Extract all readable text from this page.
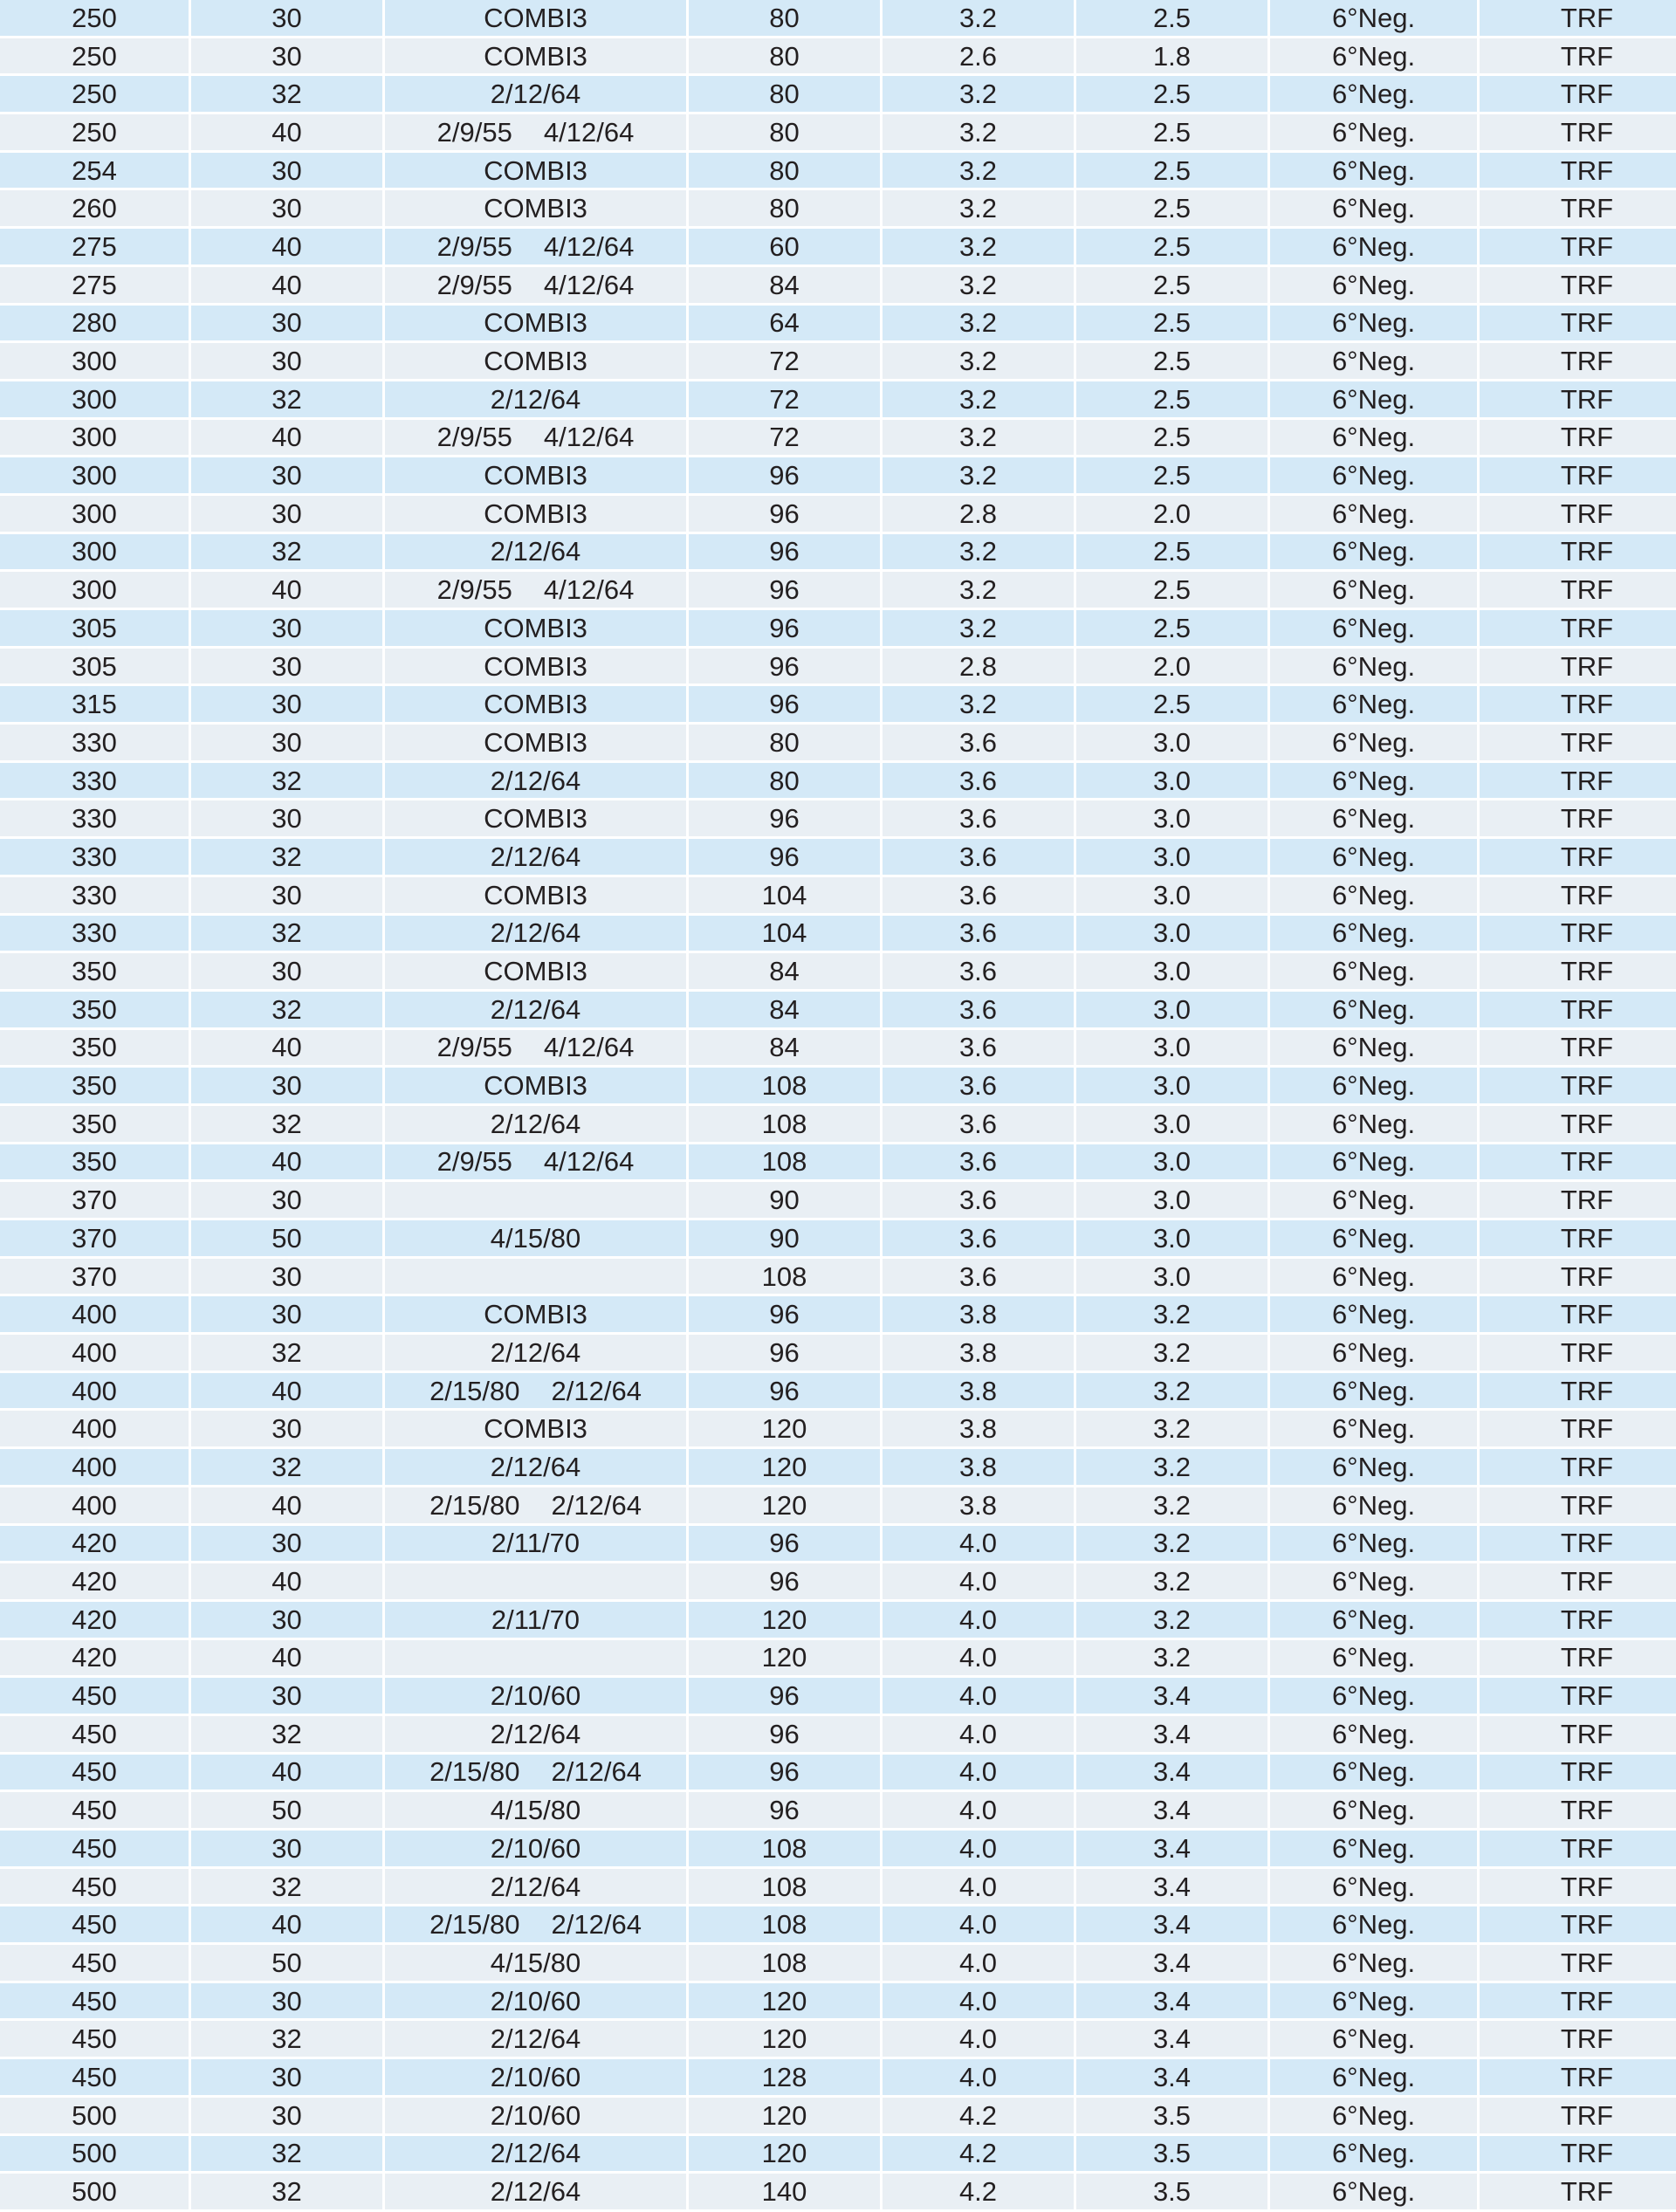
250	30	COMBI3	80	3.2	2.5	6°Neg.	TRF
250	30	COMBI3	80	2.6	1.8	6°Neg.	TRF
250	32	2/12/64	80	3.2	2.5	6°Neg.	TRF
250	40	2/9/55 4/12/64	80	3.2	2.5	6°Neg.	TRF
254	30	COMBI3	80	3.2	2.5	6°Neg.	TRF
260	30	COMBI3	80	3.2	2.5	6°Neg.	TRF
275	40	2/9/55 4/12/64	60	3.2	2.5	6°Neg.	TRF
275	40	2/9/55 4/12/64	84	3.2	2.5	6°Neg.	TRF
280	30	COMBI3	64	3.2	2.5	6°Neg.	TRF
300	30	COMBI3	72	3.2	2.5	6°Neg.	TRF
300	32	2/12/64	72	3.2	2.5	6°Neg.	TRF
300	40	2/9/55 4/12/64	72	3.2	2.5	6°Neg.	TRF
300	30	COMBI3	96	3.2	2.5	6°Neg.	TRF
300	30	COMBI3	96	2.8	2.0	6°Neg.	TRF
300	32	2/12/64	96	3.2	2.5	6°Neg.	TRF
300	40	2/9/55 4/12/64	96	3.2	2.5	6°Neg.	TRF
305	30	COMBI3	96	3.2	2.5	6°Neg.	TRF
305	30	COMBI3	96	2.8	2.0	6°Neg.	TRF
315	30	COMBI3	96	3.2	2.5	6°Neg.	TRF
330	30	COMBI3	80	3.6	3.0	6°Neg.	TRF
330	32	2/12/64	80	3.6	3.0	6°Neg.	TRF
330	30	COMBI3	96	3.6	3.0	6°Neg.	TRF
330	32	2/12/64	96	3.6	3.0	6°Neg.	TRF
330	30	COMBI3	104	3.6	3.0	6°Neg.	TRF
330	32	2/12/64	104	3.6	3.0	6°Neg.	TRF
350	30	COMBI3	84	3.6	3.0	6°Neg.	TRF
350	32	2/12/64	84	3.6	3.0	6°Neg.	TRF
350	40	2/9/55 4/12/64	84	3.6	3.0	6°Neg.	TRF
350	30	COMBI3	108	3.6	3.0	6°Neg.	TRF
350	32	2/12/64	108	3.6	3.0	6°Neg.	TRF
350	40	2/9/55 4/12/64	108	3.6	3.0	6°Neg.	TRF
370	30		90	3.6	3.0	6°Neg.	TRF
370	50	4/15/80	90	3.6	3.0	6°Neg.	TRF
370	30		108	3.6	3.0	6°Neg.	TRF
400	30	COMBI3	96	3.8	3.2	6°Neg.	TRF
400	32	2/12/64	96	3.8	3.2	6°Neg.	TRF
400	40	2/15/80 2/12/64	96	3.8	3.2	6°Neg.	TRF
400	30	COMBI3	120	3.8	3.2	6°Neg.	TRF
400	32	2/12/64	120	3.8	3.2	6°Neg.	TRF
400	40	2/15/80 2/12/64	120	3.8	3.2	6°Neg.	TRF
420	30	2/11/70	96	4.0	3.2	6°Neg.	TRF
420	40		96	4.0	3.2	6°Neg.	TRF
420	30	2/11/70	120	4.0	3.2	6°Neg.	TRF
420	40		120	4.0	3.2	6°Neg.	TRF
450	30	2/10/60	96	4.0	3.4	6°Neg.	TRF
450	32	2/12/64	96	4.0	3.4	6°Neg.	TRF
450	40	2/15/80 2/12/64	96	4.0	3.4	6°Neg.	TRF
450	50	4/15/80	96	4.0	3.4	6°Neg.	TRF
450	30	2/10/60	108	4.0	3.4	6°Neg.	TRF
450	32	2/12/64	108	4.0	3.4	6°Neg.	TRF
450	40	2/15/80 2/12/64	108	4.0	3.4	6°Neg.	TRF
450	50	4/15/80	108	4.0	3.4	6°Neg.	TRF
450	30	2/10/60	120	4.0	3.4	6°Neg.	TRF
450	32	2/12/64	120	4.0	3.4	6°Neg.	TRF
450	30	2/10/60	128	4.0	3.4	6°Neg.	TRF
500	30	2/10/60	120	4.2	3.5	6°Neg.	TRF
500	32	2/12/64	120	4.2	3.5	6°Neg.	TRF
500	32	2/12/64	140	4.2	3.5	6°Neg.	TRF
